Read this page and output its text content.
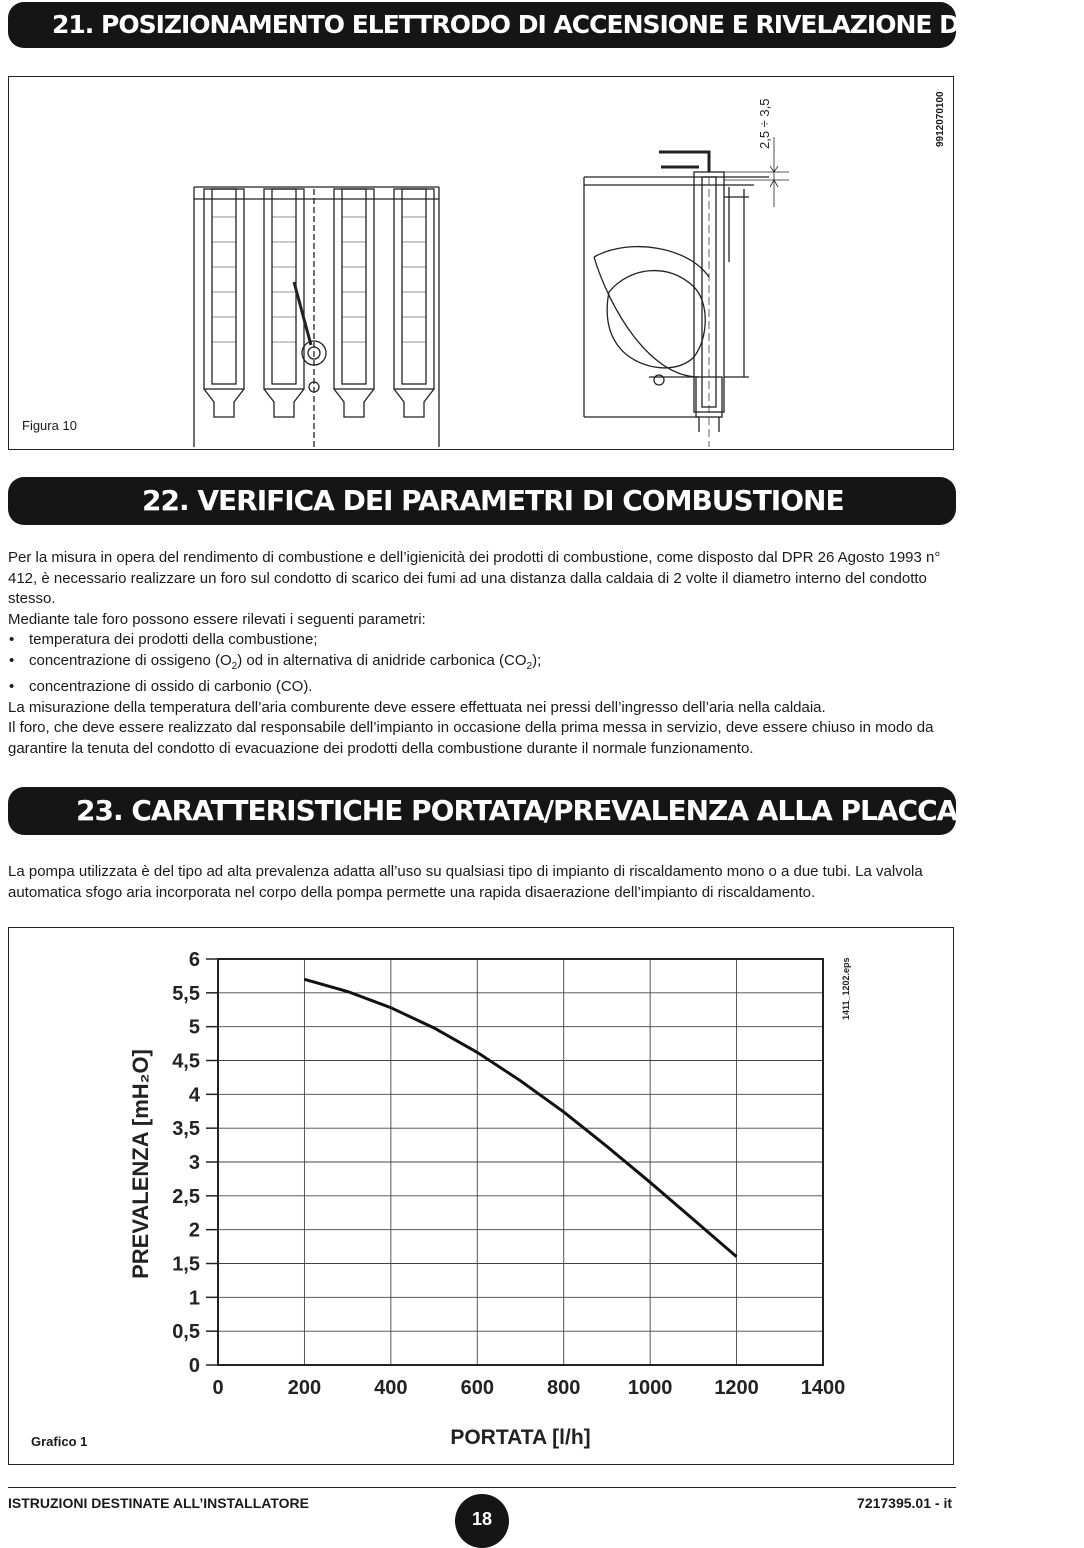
21. POSIZIONAMENTO ELETTRODO DI ACCENSIONE E RIVELAZIONE DI FIAMMA
2,5 ÷ 3,5	9912070100
Figura 10
22. VERIFICA DEI PARAMETRI DI COMBUSTIONE

Per la misura in opera del rendimento di combustione e dell’igienicità dei prodotti di combustione, come disposto dal DPR 26 Agosto 1993 n° 412, è necessario realizzare un foro sul condotto di scarico dei fumi ad una distanza dalla caldaia di 2 volte il diametro interno del condotto stesso.

Mediante tale foro possono essere rilevati i seguenti parametri:

• temperatura dei prodotti della combustione;
• concentrazione di ossigeno $(O_2)$ od in alternativa di anidride carbonica $(CO_2)$;
• concentrazione di ossido di carbonio (CO).

La misurazione della temperatura dell’aria comburente deve essere effettuata nei pressi dell’ingresso dell’aria nella caldaia.

Il foro, che deve essere realizzato dal responsabile dell’impianto in occasione della prima messa in servizio, deve essere chiuso in modo da garantire la tenuta del condotto di evacuazione dei prodotti della combustione durante il normale funzionamento.

23. CARATTERISTICHE PORTATA/PREVALENZA ALLA PLACCA

La pompa utilizzata è del tipo ad alta prevalenza adatta all’uso su qualsiasi tipo di impianto di riscaldamento mono o a due tubi. La valvola automatica sfogo aria incorporata nel corpo della pompa permette una rapida disaerazione dell’impianto di riscaldamento.

0	200	400	600	800 1000 1200 1400
0
0,5
1
1,5
2
2,5
3
3,5
4
4,5
5
5,5
6
PREVALENZA [mH₂O]
PORTATA [l/h]
1411_1202.eps
Grafico 1
ISTRUZIONI DESTINATE ALL’INSTALLATORE
18
7217395.01 - it
